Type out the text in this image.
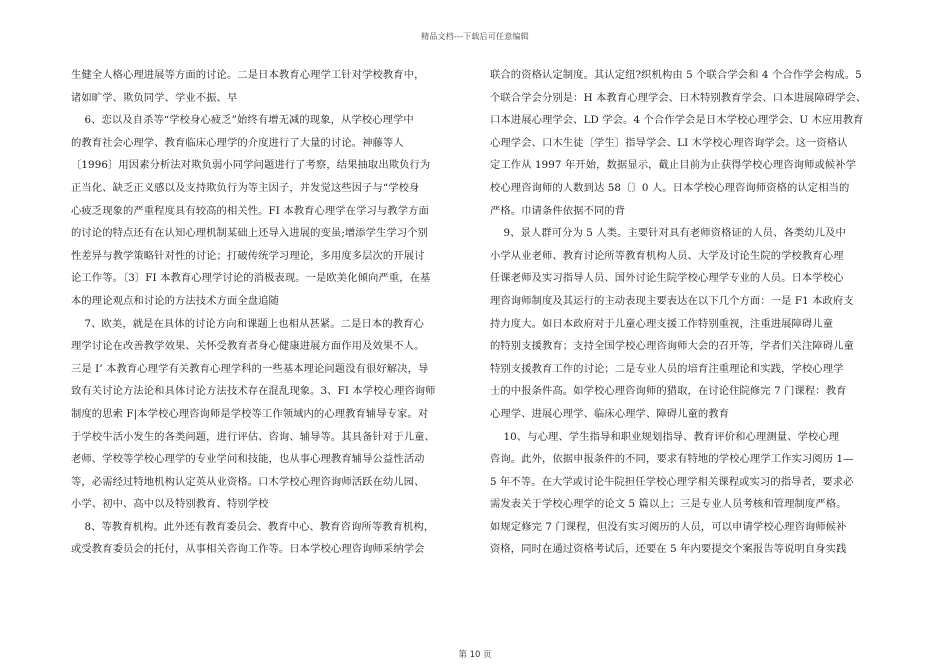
精品文档---下载后可任意编辑
生健全人格心理进展等方面的讨论。二是日本教育心理学工针对学校教育中，
诸如旷学、欺负同学、学业不振、早
6、恋以及自杀等“学校身心疲乏”始终有增无减的现象，从学校心理学中
的教育社会心理学、教育临床心理学的介度进行了大量的讨论。神藤等人
〔1996〕用因素分析法对欺负弱小同学问题进行了考察，结果抽取出欺负行为
正当化、缺乏正义感以及支持欺负行为等主因子，并发觉这些因子与“学校身
心疲乏现象的严重程度具有较高的相关性。FI 本教育心理学在学习与教学方面
的讨论的特点还有在认知心理机制某础上还导入进展的变虽;增添学生学习个别
性差异与教学策略针对性的讨论；打破传统学习理论，多用度多层次的开展讨
论工作等。〔3〕FI 本教育心理学讨论的消极表现。一是欧美化倾向严重，在基
本的理论观点和讨论的方法技术方面全盘追随
7、欧美，就是在具体的讨论方向和课题上也相从甚紧。二是日本的教育心
理学讨论在改善教学效果、关怀受教育者身心健康进展方面作用及效果不人。
三是 I’ 本教育心理学有关教育心理学科的一些基本理论问题没有很好解决，导
致有关讨论方法论和具体讨论方法技术存在混乱现象。3、FI 本学校心理咨询师
制度的思索 F|本学校心理咨询师是学校等工作领域内的心理教育辅导专家。对
于学校牛活小发生的各类问题，进行评估、咨询、辅导等。其具备针对于儿童、
老师、学校等学校心理学的专业学问和技能，也从事心理教育辅导公益性活动
等，必需经过特地机构认定英从业资格。口木学校心理咨询师活跃在幼儿园、
小学、初中、高中以及特别教育、特别学校
8、等教育机构。此外还有教育委员会、教育中心、教育咨询所等教育机构，
或受教育委员会的托付，从事相关咨询工作等。日本学校心理咨询师采纳学会
联合的资格认定制度。其认定纽?织机构由 5 个联合学会和 4 个合作学会构成。5
个联合学会分别是：H 本教育心理学会、日木特别教育学会、口本进展障碍学会、
口本进展心理学会、LD 学会。4 个合作学会是日木学校心理学会、U 木应用教育
心理学会、口木生徒〔学生〕指导学会、LI 木学校心理咨询学会。这一资格认
定工作从 1997 年开始，数据显示，截止目前为止获得学校心理咨询师或候补学
校心理咨询师的人数到达 58〔〕0 人。日本学校心理咨询师资格的认定相当的
严格。巾请条件依据不同的背
9、景人群可分为 5 人类。主要针对具有老师资格证的人员、各类幼儿及中
小学从业老师、教育讨论所等教育机构人员、大学及讨论生院的学校教育心理
任课老师及实习指导人员、国外讨论生院学校心理学专业的人员。日本学校心
理咨询师制度及其运行的主动表现主要表达在以下几个方面：一是 F1 本政府支
持力度大。如日本政府对于儿童心理支援工作特别重视，注重进展障碍儿童
的特别支援教育；支持全国学校心理咨询师大会的召开等，学者们关注障碍儿童
特别支援教育工作的讨论；二是专业人员的培育注重理论和实践，学校心理学
士的中报条件高。如学校心理咨询师的猎取，在讨论住院修完 7 门课程：教育
心理学、进展心理学、临床心理学、障碍儿童的教育
10、与心理、学生指导和职业规划指导、教育评价和心理测量、学校心理
咨询。此外，依据申报条件的不同，要求有特地的学校心理学工作实习阅历 1—
5 年不等。在大学或讨论牛院担任学校心理学相关课程或实习的指导者，要求必
需发表关于学校心理学的论文 5 篇以上；三是专业人员考核和管理制度严格。
如规定修完 7 门课程，但没有实习阅历的人员，可以申请学校心理咨询师候补
资格，同时在通过资格考试后，还要在 5 年内要提交个案报告等说明自身实践
第 10 页
